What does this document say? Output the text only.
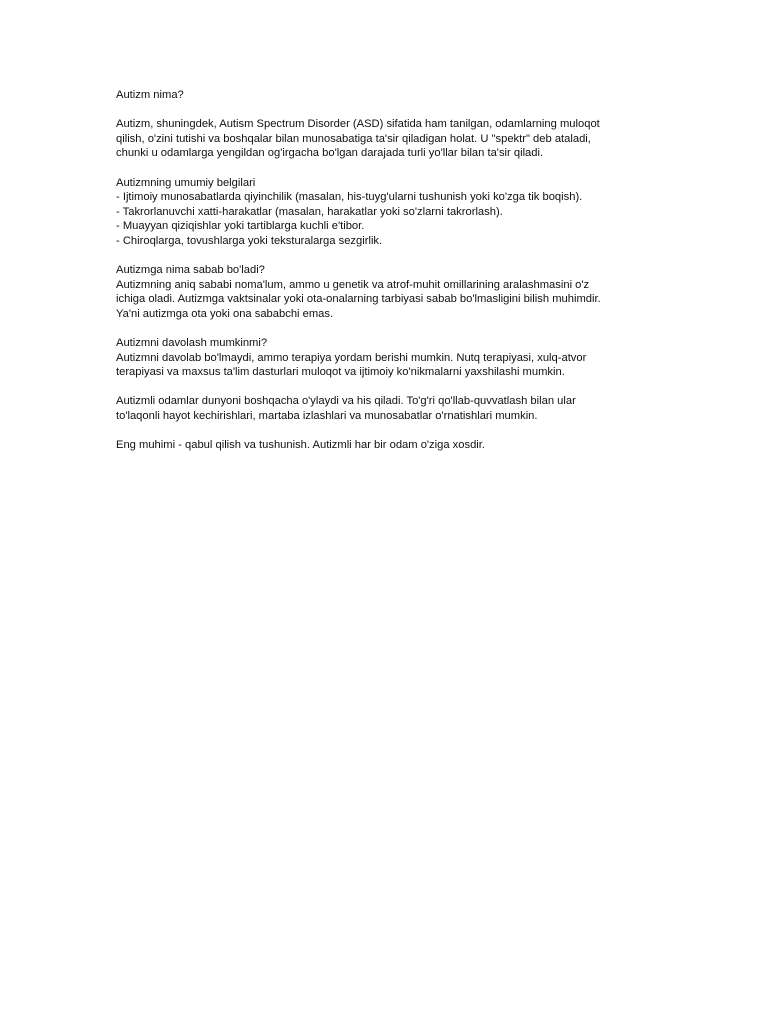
Autizm nima?
Autizm, shuningdek, Autism Spectrum Disorder (ASD) sifatida ham tanilgan, odamlarning muloqot
qilish, o'zini tutishi va boshqalar bilan munosabatiga ta'sir qiladigan holat. U "spektr" deb ataladi,
chunki u odamlarga yengildan og'irgacha bo'lgan darajada turli yo'llar bilan ta'sir qiladi.
Autizmning umumiy belgilari
- Ijtimoiy munosabatlarda qiyinchilik (masalan, his-tuyg'ularni tushunish yoki ko'zga tik boqish).
- Takrorlanuvchi xatti-harakatlar (masalan, harakatlar yoki so'zlarni takrorlash).
- Muayyan qiziqishlar yoki tartiblarga kuchli e'tibor.
- Chiroqlarga, tovushlarga yoki teksturalarga sezgirlik.
Autizmga nima sabab bo'ladi?
Autizmning aniq sababi noma'lum, ammo u genetik va atrof-muhit omillarining aralashmasini o'z
ichiga oladi. Autizmga vaktsinalar yoki ota-onalarning tarbiyasi sabab bo'lmasligini bilish muhimdir.
Ya'ni autizmga ota yoki ona sababchi emas.
Autizmni davolash mumkinmi?
Autizmni davolab bo'lmaydi, ammo terapiya yordam berishi mumkin. Nutq terapiyasi, xulq-atvor
terapiyasi va maxsus ta'lim dasturlari muloqot va ijtimoiy ko'nikmalarni yaxshilashi mumkin.
Autizmli odamlar dunyoni boshqacha o'ylaydi va his qiladi. To'g'ri qo'llab-quvvatlash bilan ular
to'laqonli hayot kechirishlari, martaba izlashlari va munosabatlar o'rnatishlari mumkin.
Eng muhimi - qabul qilish va tushunish. Autizmli har bir odam o'ziga xosdir.
